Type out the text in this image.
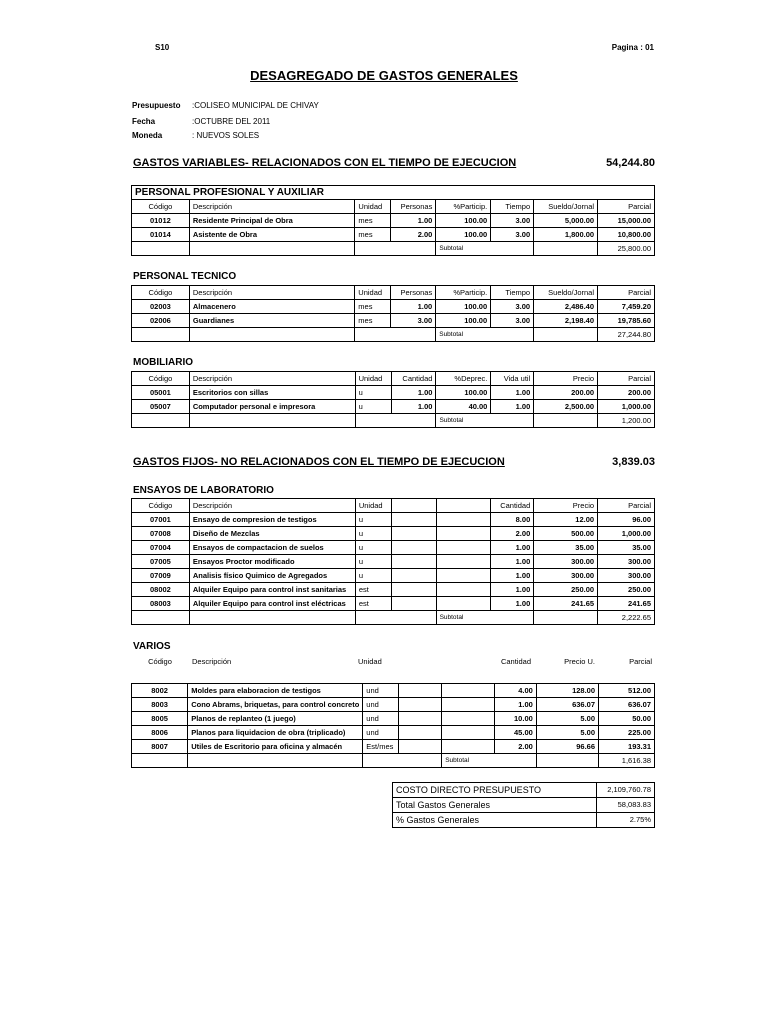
S10	Pagina : 01
DESAGREGADO DE GASTOS GENERALES
Presupuesto :COLISEO MUNICIPAL DE CHIVAY
Fecha	:OCTUBRE DEL 2011
Moneda	: NUEVOS SOLES
GASTOS VARIABLES- RELACIONADOS CON EL TIEMPO DE EJECUCION	54,244.80
PERSONAL PROFESIONAL Y AUXILIAR							
Código	Descripción	Unidad	Personas	%Particip.	Tiempo	Sueldo/Jornal	Parcial
01012	Residente Principal de Obra	mes	1.00	100.00	3.00	5,000.00	15,000.00
01014	Asistente de Obra	mes	2.00	100.00	3.00	1,800.00	10,800.00
				Subtotal			25,800.00
PERSONAL TECNICO
Código	Descripción	Unidad	Personas	%Particip.	Tiempo	Sueldo/Jornal	Parcial
02003	Almacenero	mes	1.00	100.00	3.00	2,486.40	7,459.20
02006	Guardianes	mes	3.00	100.00	3.00	2,198.40	19,785.60
				Subtotal			27,244.80
MOBILIARIO
Código	Descripción	Unidad	Cantidad	%Deprec.	Vida util	Precio	Parcial
05001	Escritorios con sillas	u	1.00	100.00	1.00	200.00	200.00
05007	Computador personal e impresora	u	1.00	40.00	1.00	2,500.00	1,000.00
				Subtotal			1,200.00
GASTOS FIJOS- NO RELACIONADOS CON EL TIEMPO DE EJECUCION	3,839.03
ENSAYOS DE LABORATORIO
Código	Descripción	Unidad			Cantidad	Precio	Parcial
07001	Ensayo de compresion de testigos	u			8.00	12.00	96.00
07008	Diseño de Mezclas	u			2.00	500.00	1,000.00
07004	Ensayos de compactacion de suelos	u			1.00	35.00	35.00
07005	Ensayos Proctor modificado	u			1.00	300.00	300.00
07009	Analisis físico Quimico de Agregados	u			1.00	300.00	300.00
08002	Alquiler Equipo para control inst sanitarias	est			1.00	250.00	250.00
08003	Alquiler Equipo para control inst eléctricas	est			1.00	241.65	241.65
				Subtotal			2,222.65
VARIOS
Código	Descripción	Unidad			Cantidad	Precio U.	Parcial
8002	Moldes para elaboracion de testigos	und			4.00	128.00	512.00
8003	Cono Abrams, briquetas, para control concreto	und			1.00	636.07	636.07
8005	Planos de replanteo (1 juego)	und			10.00	5.00	50.00
8006	Planos para liquidacion de obra (triplicado)	und			45.00	5.00	225.00
8007	Utiles de Escritorio para oficina y almacén	Est/mes			2.00	96.66	193.31
				Subtotal			1,616.38
COSTO DIRECTO PRESUPUESTO	2,109,760.78
Total Gastos Generales	58,083.83
% Gastos Generales	2.75%
